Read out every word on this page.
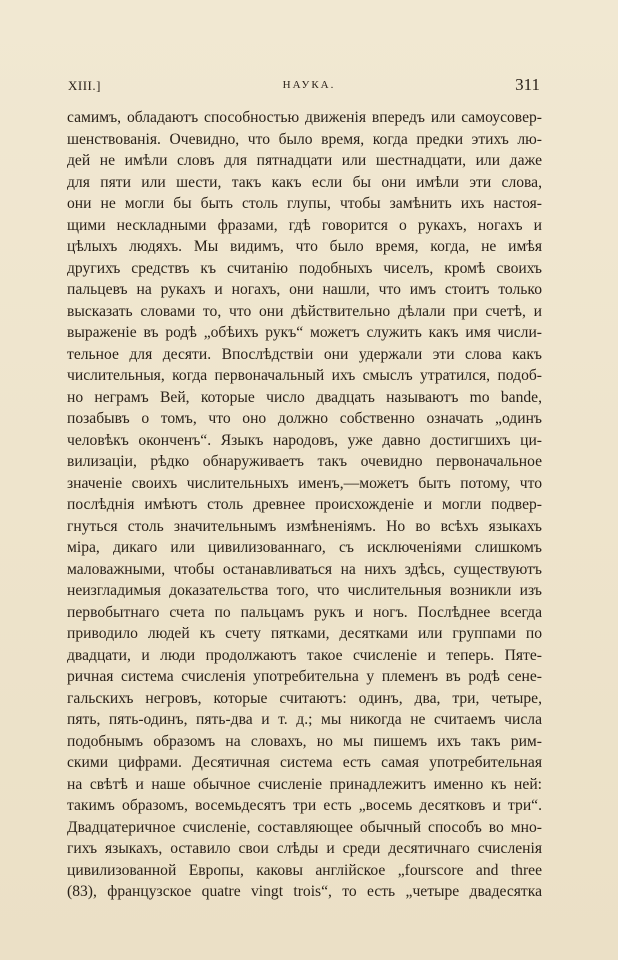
XIII.]	НАУКА.	311
самимъ, обладаютъ способностью движенія впередъ или самоусовер-
шенствованія. Очевидно, что было время, когда предки этихъ лю-
дей не имѣли словъ для пятнадцати или шестнадцати, или даже
для пяти или шести, такъ какъ если бы они имѣли эти слова,
они не могли бы быть столь глупы, чтобы замѣнить ихъ настоя-
щими нескладными фразами, гдѣ говорится о рукахъ, ногахъ и
цѣлыхъ людяхъ. Мы видимъ, что было время, когда, не имѣя
другихъ средствъ къ считанію подобныхъ чиселъ, кромѣ своихъ
пальцевъ на рукахъ и ногахъ, они нашли, что имъ стоитъ только
высказать словами то, что они дѣйствительно дѣлали при счетѣ, и
выраженіе въ родѣ „обѣихъ рукъ“ можетъ служить какъ имя числи-
тельное для десяти. Впослѣдствіи они удержали эти слова какъ
числительныя, когда первоначальный ихъ смыслъ утратился, подоб-
но неграмъ Вей, которые число двадцать называютъ mo bande,
позабывъ о томъ, что оно должно собственно означать „одинъ
человѣкъ оконченъ“. Языкъ народовъ, уже давно достигшихъ ци-
вилизаціи, рѣдко обнаруживаетъ такъ очевидно первоначальное
значеніе своихъ числительныхъ именъ,—можетъ быть потому, что
послѣднія имѣютъ столь древнее происхожденіе и могли подвер-
гнуться столь значительнымъ измѣненіямъ. Но во всѣхъ языкахъ
міра, дикаго или цивилизованнаго, съ исключеніями слишкомъ
маловажными, чтобы останавливаться на нихъ здѣсь, существуютъ
неизгладимыя доказательства того, что числительныя возникли изъ
первобытнаго счета по пальцамъ рукъ и ногъ. Послѣднее всегда
приводило людей къ счету пятками, десятками или группами по
двадцати, и люди продолжаютъ такое счисленіе и теперь. Пяте-
ричная система счисленія употребительна у племенъ въ родѣ сене-
гальскихъ негровъ, которые считаютъ: одинъ, два, три, четыре,
пять, пять-одинъ, пять-два и т. д.; мы никогда не считаемъ числа
подобнымъ образомъ на словахъ, но мы пишемъ ихъ такъ рим-
скими цифрами. Десятичная система есть самая употребительная
на свѣтѣ и наше обычное счисленіе принадлежитъ именно къ ней:
такимъ образомъ, восемьдесятъ три есть „восемь десятковъ и три“.
Двадцатеричное счисленіе, составляющее обычный способъ во мно-
гихъ языкахъ, оставило свои слѣды и среди десятичнаго счисленія
цивилизованной Европы, каковы англійское „fourscore and three
(83), французское quatre vingt trois“, то есть „четыре двадесятка
